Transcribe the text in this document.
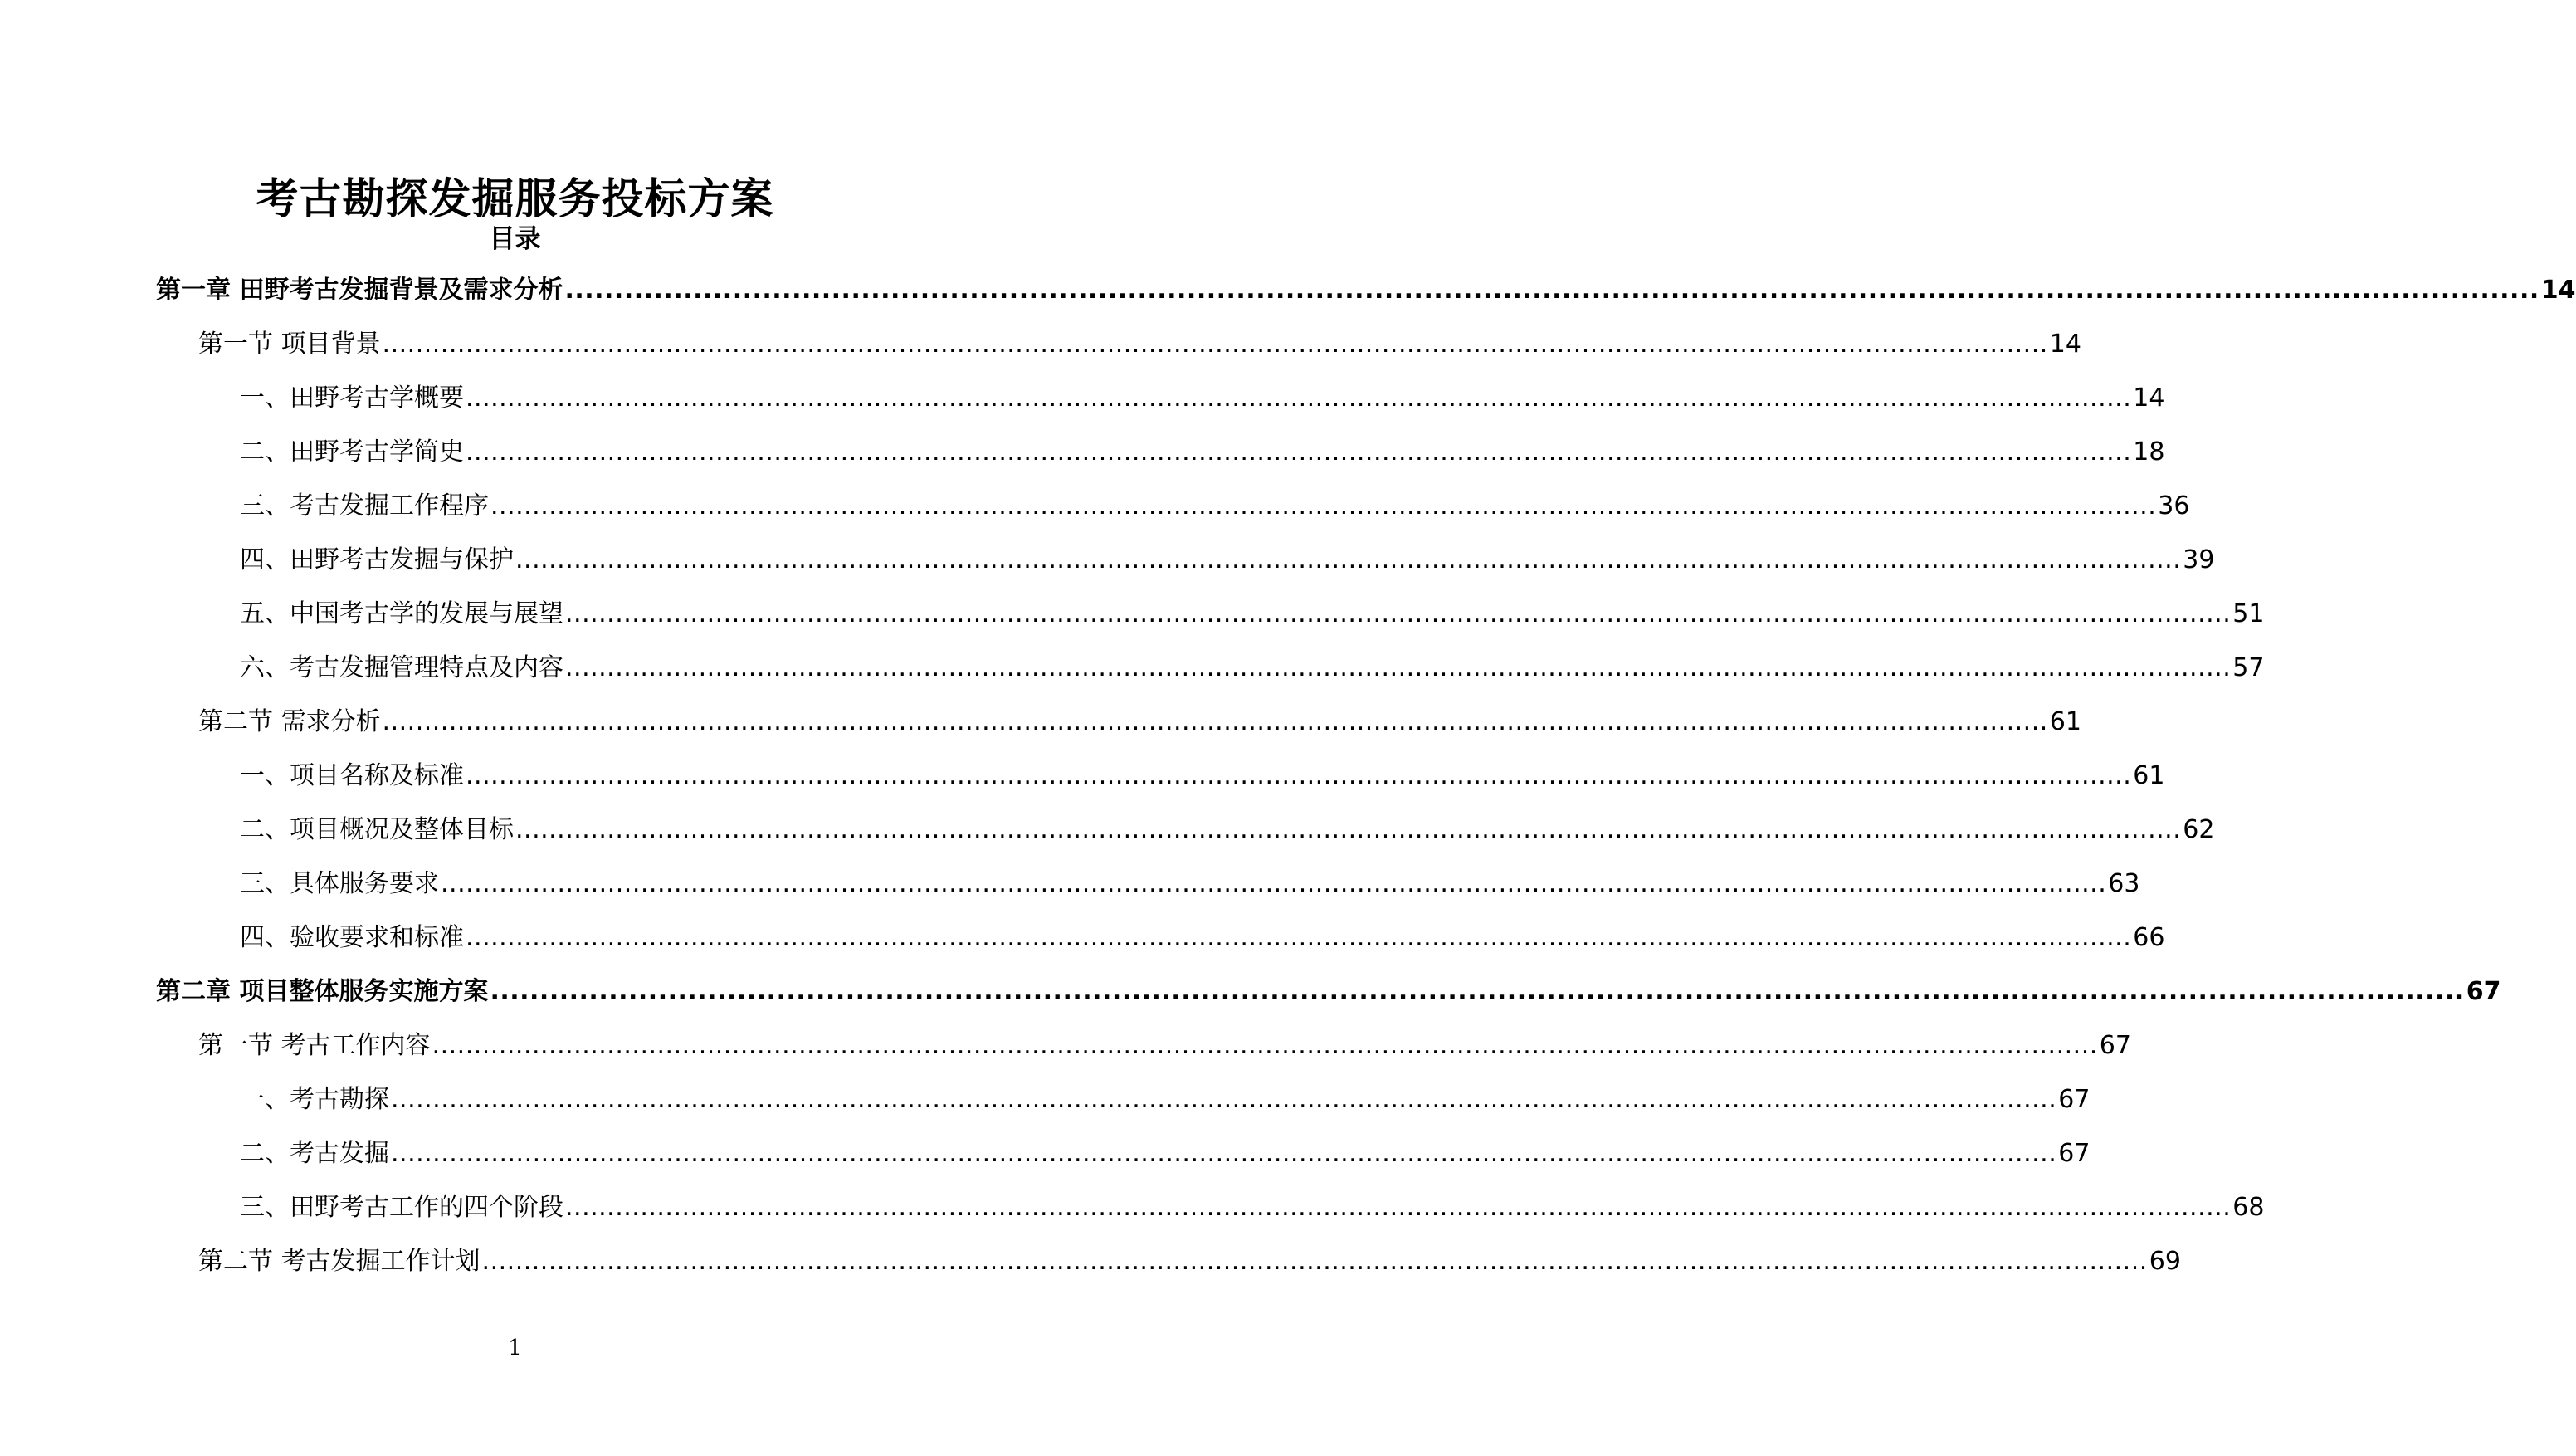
考古勘探发掘服务投标方案
目录
第一章 田野考古发掘背景及需求分析 ........................................................................................................................................................................................................ 14
第一节 项目背景 ........................................................................................................................................................................................................ 14
一、田野考古学概要 ........................................................................................................................................................................................................ 14
二、田野考古学简史 ........................................................................................................................................................................................................ 18
三、考古发掘工作程序 ........................................................................................................................................................................................................ 36
四、田野考古发掘与保护 ........................................................................................................................................................................................................ 39
五、中国考古学的发展与展望 ........................................................................................................................................................................................................ 51
六、考古发掘管理特点及内容 ........................................................................................................................................................................................................ 57
第二节 需求分析 ........................................................................................................................................................................................................ 61
一、项目名称及标准 ........................................................................................................................................................................................................ 61
二、项目概况及整体目标 ........................................................................................................................................................................................................ 62
三、具体服务要求 ........................................................................................................................................................................................................ 63
四、验收要求和标准 ........................................................................................................................................................................................................ 66
第二章 项目整体服务实施方案 ........................................................................................................................................................................................................ 67
第一节 考古工作内容 ........................................................................................................................................................................................................ 67
一、考古勘探 ........................................................................................................................................................................................................ 67
二、考古发掘 ........................................................................................................................................................................................................ 67
三、田野考古工作的四个阶段 ........................................................................................................................................................................................................ 68
第二节 考古发掘工作计划 ........................................................................................................................................................................................................ 69
1
